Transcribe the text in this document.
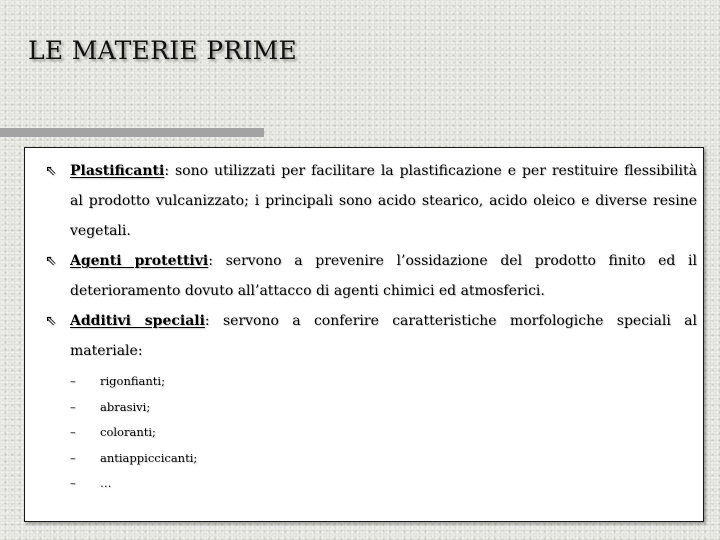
LE MATERIE PRIME
⇖ Plastificanti: sono utilizzati per facilitare la plastificazione e per restituire flessibilità al prodotto vulcanizzato; i principali sono acido stearico, acido oleico e diverse resine vegetali.
⇖ Agenti protettivi: servono a prevenire l’ossidazione del prodotto finito ed il deterioramento dovuto all’attacco di agenti chimici ed atmosferici.
⇖ Additivi speciali: servono a conferire caratteristiche morfologiche speciali al materiale:
– rigonfianti;
– abrasivi;
– coloranti;
– antiappiccicanti;
– …
